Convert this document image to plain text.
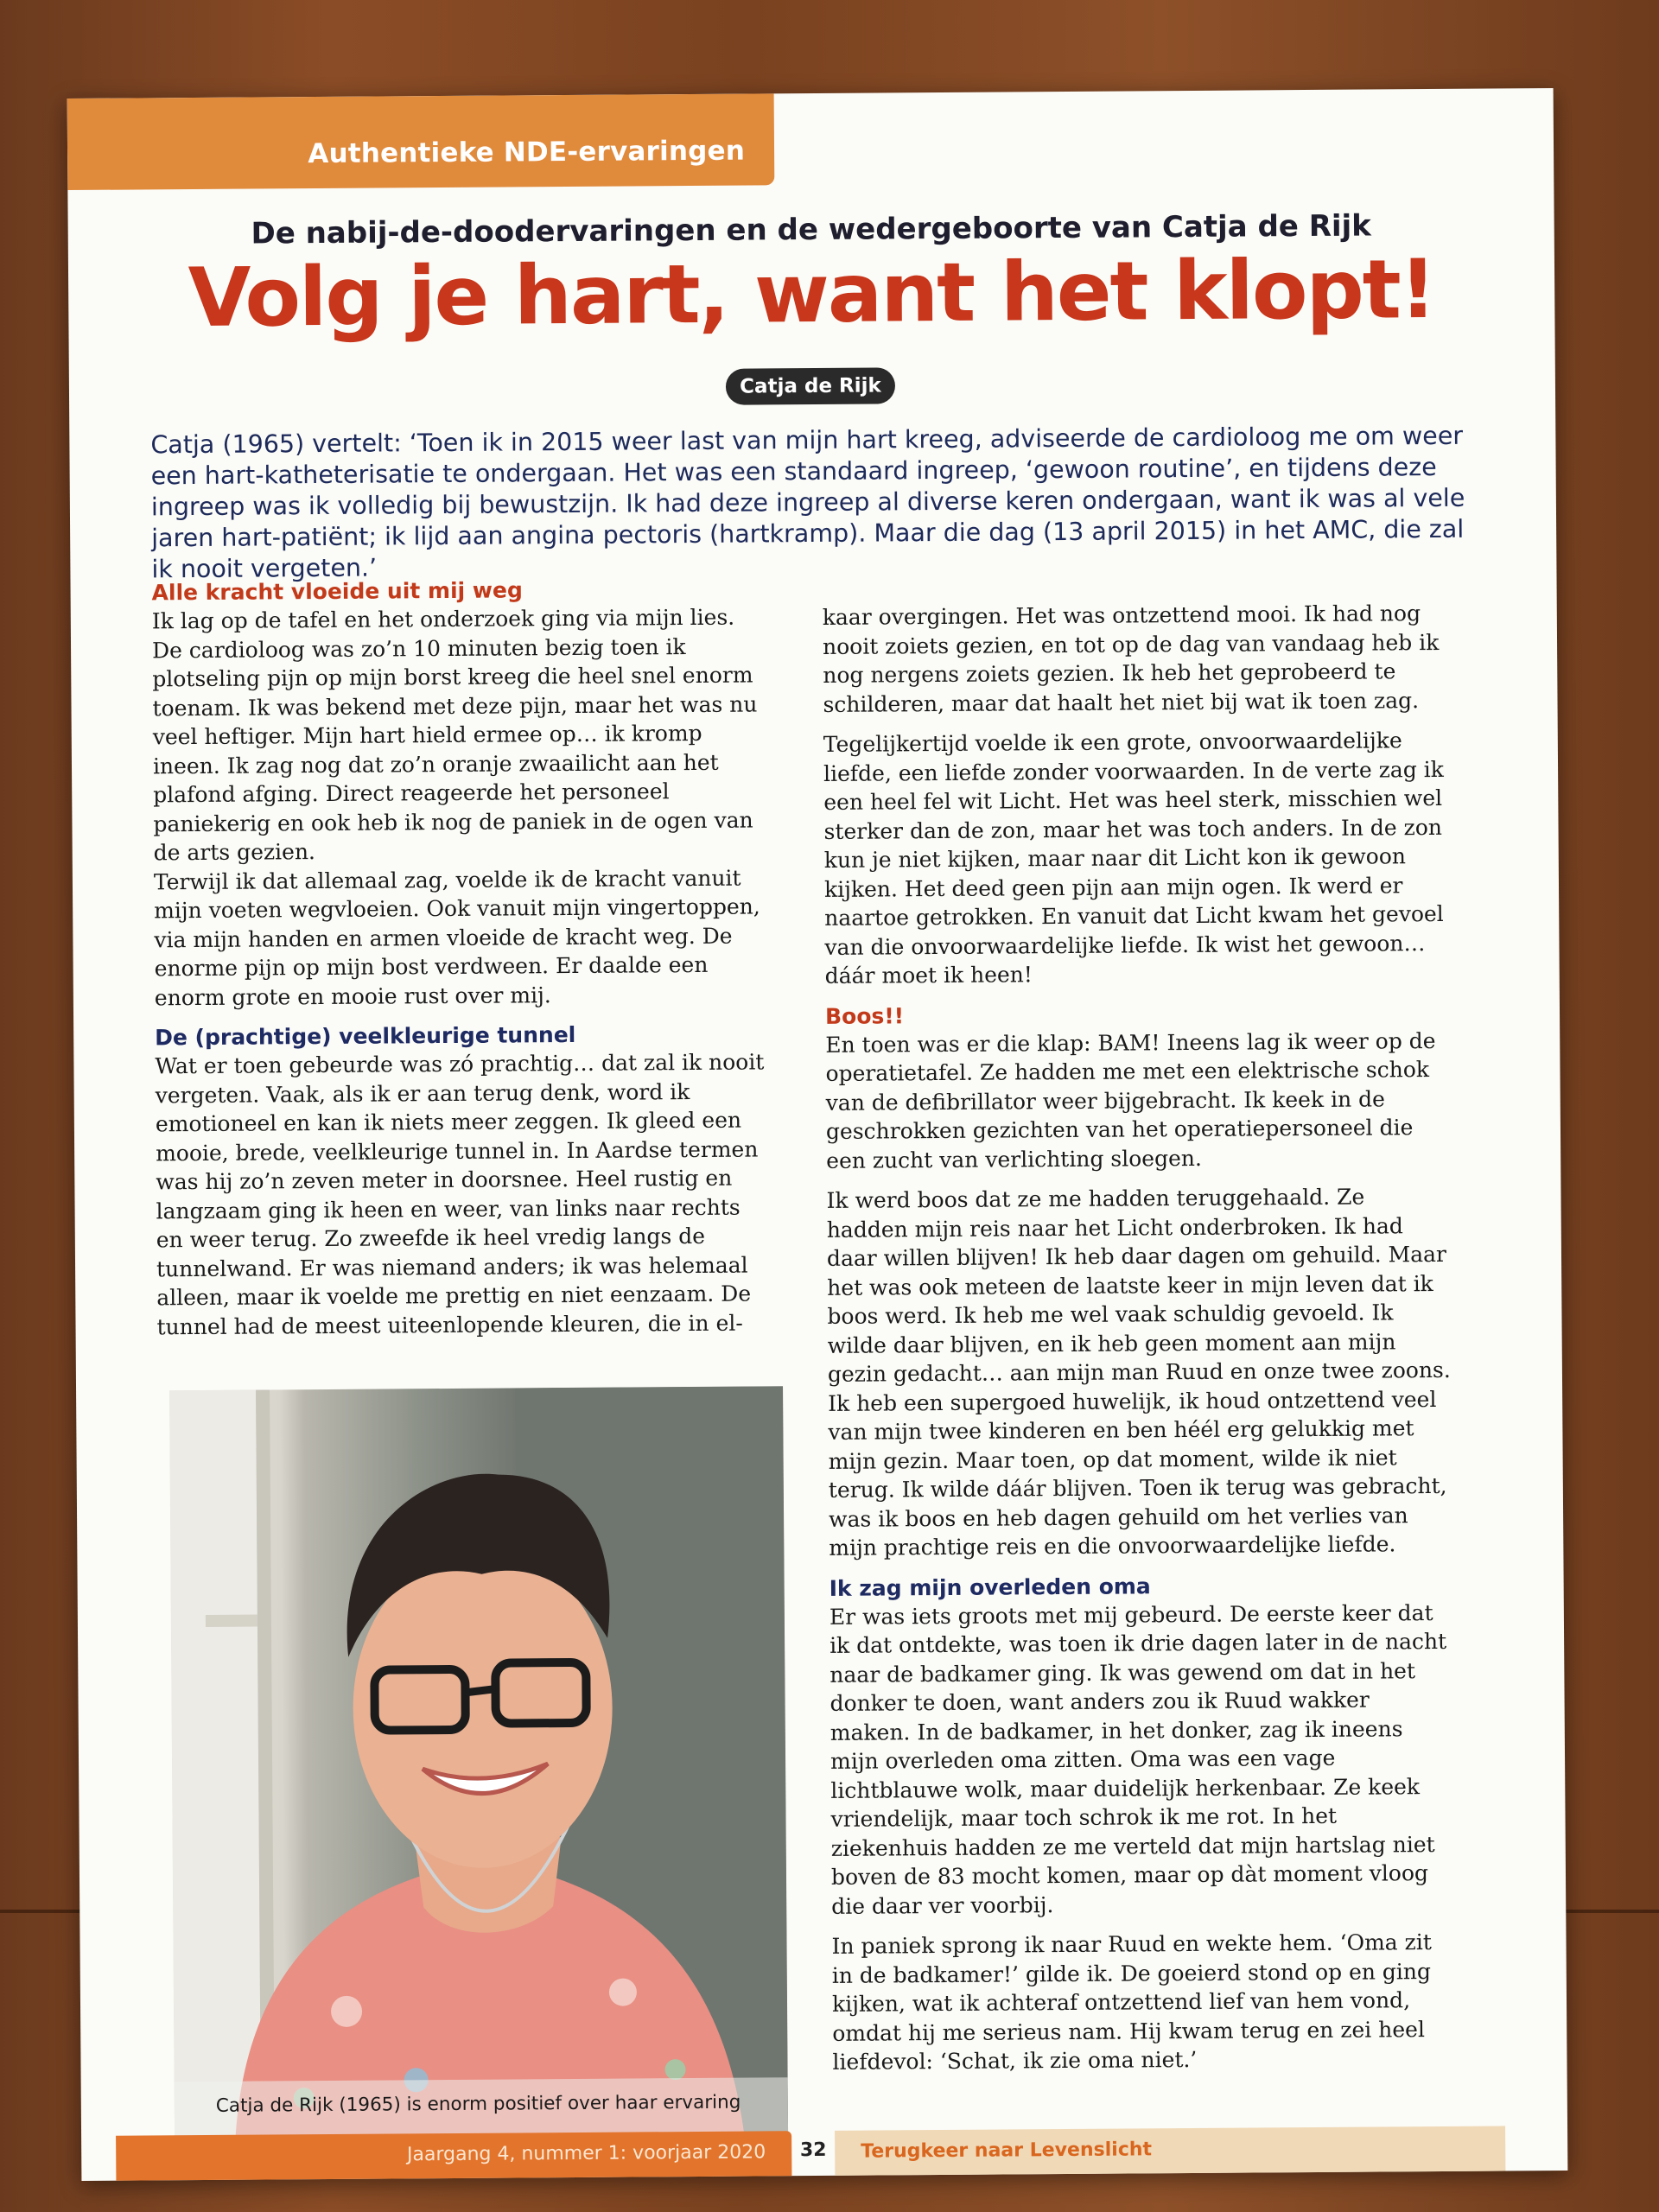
Authentieke NDE-ervaringen
De nabij-de-doodervaringen en de wedergeboorte van Catja de Rijk
Volg je hart, want het klopt!
Catja de Rijk
Catja (1965) vertelt: ‘Toen ik in 2015 weer last van mijn hart kreeg, adviseerde de cardioloog me om weer een hart-katheterisatie te ondergaan. Het was een standaard ingreep, ‘gewoon routine’, en tijdens deze ingreep was ik volledig bij bewustzijn. Ik had deze ingreep al diverse keren ondergaan, want ik was al vele jaren hart-patiënt; ik lijd aan angina pectoris (hartkramp). Maar die dag (13 april 2015) in het AMC, die zal ik nooit vergeten.’
Alle kracht vloeide uit mij weg

Ik lag op de tafel en het onderzoek ging via mijn lies. De cardioloog was zo’n 10 minuten bezig toen ik plotseling pijn op mijn borst kreeg die heel snel enorm toenam. Ik was bekend met deze pijn, maar het was nu veel heftiger. Mijn hart hield ermee op… ik kromp ineen. Ik zag nog dat zo’n oranje zwaailicht aan het plafond afging. Direct reageerde het personeel paniekerig en ook heb ik nog de paniek in de ogen van de arts gezien.

Terwijl ik dat allemaal zag, voelde ik de kracht vanuit mijn voeten wegvloeien. Ook vanuit mijn vingertoppen, via mijn handen en armen vloeide de kracht weg. De enorme pijn op mijn bost verdween. Er daalde een enorm grote en mooie rust over mij.

De (prachtige) veelkleurige tunnel

Wat er toen gebeurde was zó prachtig… dat zal ik nooit vergeten. Vaak, als ik er aan terug denk, word ik emotioneel en kan ik niets meer zeggen. Ik gleed een mooie, brede, veelkleurige tunnel in. In Aardse termen was hij zo’n zeven meter in doorsnee. Heel rustig en langzaam ging ik heen en weer, van links naar rechts en weer terug. Zo zweefde ik heel vredig langs de tunnelwand. Er was niemand anders; ik was helemaal alleen, maar ik voelde me prettig en niet eenzaam. De tunnel had de meest uiteenlopende kleuren, die in el-

Catja de Rijk (1965) is enorm positief over haar ervaring

kaar overgingen. Het was ontzettend mooi. Ik had nog nooit zoiets gezien, en tot op de dag van vandaag heb ik nog nergens zoiets gezien. Ik heb het geprobeerd te schilderen, maar dat haalt het niet bij wat ik toen zag.

Tegelijkertijd voelde ik een grote, onvoorwaardelijke liefde, een liefde zonder voorwaarden. In de verte zag ik een heel fel wit Licht. Het was heel sterk, misschien wel sterker dan de zon, maar het was toch anders. In de zon kun je niet kijken, maar naar dit Licht kon ik gewoon kijken. Het deed geen pijn aan mijn ogen. Ik werd er naartoe getrokken. En vanuit dat Licht kwam het gevoel van die onvoorwaardelijke liefde. Ik wist het gewoon… dáár moet ik heen!

Boos!!

En toen was er die klap: BAM! Ineens lag ik weer op de operatietafel. Ze hadden me met een elektrische schok van de defibrillator weer bijgebracht. Ik keek in de geschrokken gezichten van het operatiepersoneel die een zucht van verlichting sloegen.

Ik werd boos dat ze me hadden teruggehaald. Ze hadden mijn reis naar het Licht onderbroken. Ik had daar willen blijven! Ik heb daar dagen om gehuild. Maar het was ook meteen de laatste keer in mijn leven dat ik boos werd. Ik heb me wel vaak schuldig gevoeld. Ik wilde daar blijven, en ik heb geen moment aan mijn gezin gedacht… aan mijn man Ruud en onze twee zoons. Ik heb een supergoed huwelijk, ik houd ontzettend veel van mijn twee kinderen en ben héél erg gelukkig met mijn gezin. Maar toen, op dat moment, wilde ik niet terug. Ik wilde dáár blijven. Toen ik terug was gebracht, was ik boos en heb dagen gehuild om het verlies van mijn prachtige reis en die onvoorwaardelijke liefde.

Ik zag mijn overleden oma

Er was iets groots met mij gebeurd. De eerste keer dat ik dat ontdekte, was toen ik drie dagen later in de nacht naar de badkamer ging. Ik was gewend om dat in het donker te doen, want anders zou ik Ruud wakker maken. In de badkamer, in het donker, zag ik ineens mijn overleden oma zitten. Oma was een vage lichtblauwe wolk, maar duidelijk herkenbaar. Ze keek vriendelijk, maar toch schrok ik me rot. In het ziekenhuis hadden ze me verteld dat mijn hartslag niet boven de 83 mocht komen, maar op dàt moment vloog die daar ver voorbij.

In paniek sprong ik naar Ruud en wekte hem. ‘Oma zit in de badkamer!’ gilde ik. De goeierd stond op en ging kijken, wat ik achteraf ontzettend lief van hem vond, omdat hij me serieus nam. Hij kwam terug en zei heel liefdevol: ‘Schat, ik zie oma niet.’

Jaargang 4, nummer 1: voorjaar 2020	32	Terugkeer naar Levenslicht
